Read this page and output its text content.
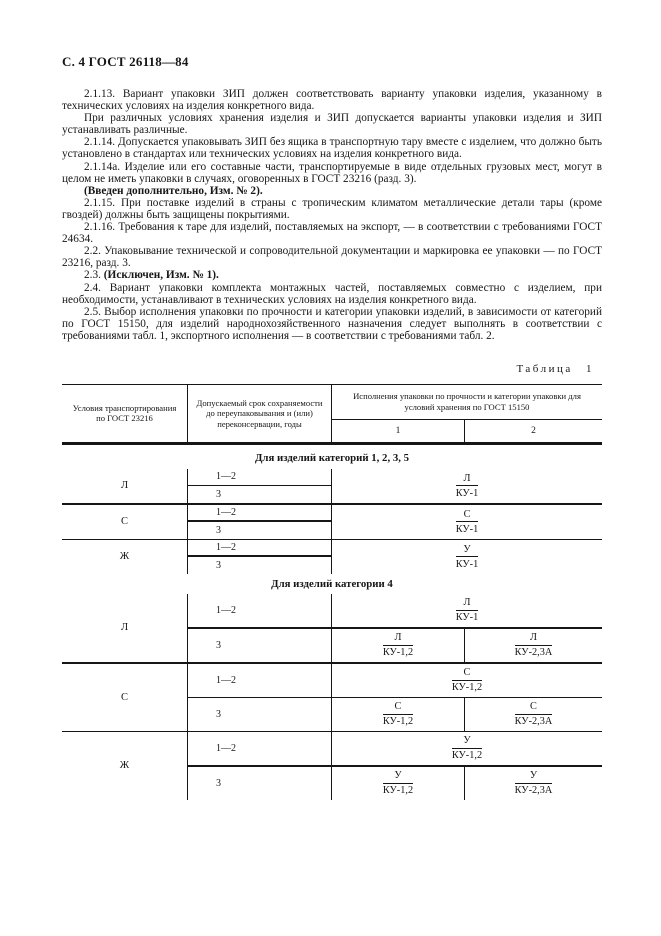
С. 4 ГОСТ 26118—84

2.1.13. Вариант упаковки ЗИП должен соответствовать варианту упаковки изделия, указанному в технических условиях на изделия конкретного вида.

При различных условиях хранения изделия и ЗИП допускается варианты упаковки изделия и ЗИП устанавливать различные.

2.1.14. Допускается упаковывать ЗИП без ящика в транспортную тару вместе с изделием, что должно быть установлено в стандартах или технических условиях на изделия конкретного вида.

2.1.14а. Изделие или его составные части, транспортируемые в виде отдельных грузовых мест, могут в целом не иметь упаковки в случаях, оговоренных в ГОСТ 23216 (разд. 3).

(Введен дополнительно, Изм. № 2).

2.1.15. При поставке изделий в страны с тропическим климатом металлические детали тары (кроме гвоздей) должны быть защищены покрытиями.

2.1.16. Требования к таре для изделий, поставляемых на экспорт, — в соответствии с требованиями ГОСТ 24634.

2.2. Упаковывание технической и сопроводительной документации и маркировка ее упаковки — по ГОСТ 23216, разд. 3.

2.3. (Исключен, Изм. № 1).

2.4. Вариант упаковки комплекта монтажных частей, поставляемых совместно с изделием, при необходимости, устанавливают в технических условиях на изделия конкретного вида.

2.5. Выбор исполнения упаковки по прочности и категории упаковки изделий, в зависимости от категорий по ГОСТ 15150, для изделий народнохозяйственного назначения следует выполнять в соответствии с требованиями табл. 1, экспортного исполнения — в соответствии с требованиями табл. 2.

Таблица 1
Условия транспортирования по ГОСТ 23216
Допускаемый срок сохраняемости до переупаковывания и (или) переконсервации, годы
Исполнения упаковки по прочности и категории упаковки для условий хранения по ГОСТ 15150
1	2
Для изделий категорий 1, 2, 3, 5
Л
1—2
3	$\frac{Л}{КУ-1}$
С
1—2
3	$\frac{С}{КУ-1}$
Ж
1—2
3	$\frac{У}{КУ-1}$
Для изделий категории 4
Л
1—2	$\frac{Л}{КУ-1}$
3	$\frac{Л}{КУ-1,2}$	$\frac{Л}{КУ-2,3А}$
С
1—2	$\frac{С}{КУ-1,2}$
3	$\frac{С}{КУ-1,2}$	$\frac{С}{КУ-2,3А}$
Ж
1—2	$\frac{У}{КУ-1,2}$
3	$\frac{У}{КУ-1,2}$	$\frac{У}{КУ-2,3А}$
